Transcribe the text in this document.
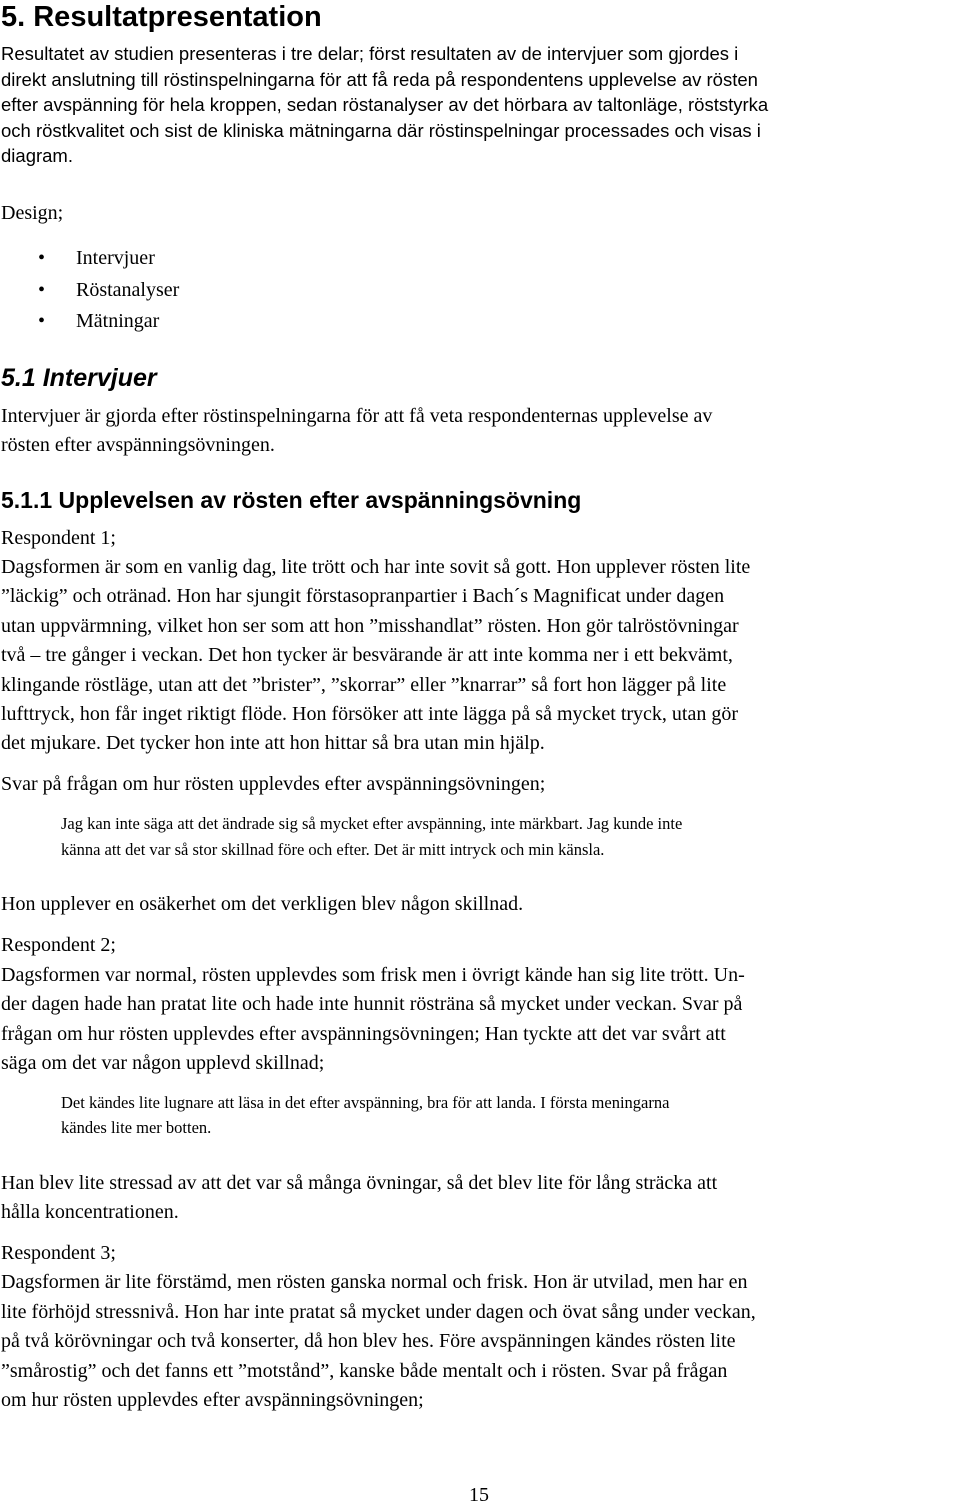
5. Resultatpresentation
Resultatet av studien presenteras i tre delar; först resultaten av de intervjuer som gjordes i
direkt anslutning till röstinspelningarna för att få reda på respondentens upplevelse av rösten
efter avspänning för hela kroppen, sedan röstanalyser av det hörbara av taltonläge, röststyrka
och röstkvalitet och sist de kliniska mätningarna där röstinspelningar processades och visas i
diagram.
Design;
• Intervjuer
• Röstanalyser
• Mätningar
5.1 Intervjuer
Intervjuer är gjorda efter röstinspelningarna för att få veta respondenternas upplevelse av
rösten efter avspänningsövningen.
5.1.1 Upplevelsen av rösten efter avspänningsövning
Respondent 1;
Dagsformen är som en vanlig dag, lite trött och har inte sovit så gott. Hon upplever rösten lite
”läckig” och otränad. Hon har sjungit förstasopranpartier i Bach´s Magnificat under dagen
utan uppvärmning, vilket hon ser som att hon ”misshandlat” rösten. Hon gör talröstövningar
två – tre gånger i veckan. Det hon tycker är besvärande är att inte komma ner i ett bekvämt,
klingande röstläge, utan att det ”brister”, ”skorrar” eller ”knarrar” så fort hon lägger på lite
lufttryck, hon får inget riktigt flöde. Hon försöker att inte lägga på så mycket tryck, utan gör
det mjukare. Det tycker hon inte att hon hittar så bra utan min hjälp.
Svar på frågan om hur rösten upplevdes efter avspänningsövningen;
Jag kan inte säga att det ändrade sig så mycket efter avspänning, inte märkbart. Jag kunde inte
känna att det var så stor skillnad före och efter. Det är mitt intryck och min känsla.
Hon upplever en osäkerhet om det verkligen blev någon skillnad.
Respondent 2;
Dagsformen var normal, rösten upplevdes som frisk men i övrigt kände han sig lite trött. Un-
der dagen hade han pratat lite och hade inte hunnit rösträna så mycket under veckan. Svar på
frågan om hur rösten upplevdes efter avspänningsövningen; Han tyckte att det var svårt att
säga om det var någon upplevd skillnad;
Det kändes lite lugnare att läsa in det efter avspänning, bra för att landa. I första meningarna
kändes lite mer botten.
Han blev lite stressad av att det var så många övningar, så det blev lite för lång sträcka att
hålla koncentrationen.
Respondent 3;
Dagsformen är lite förstämd, men rösten ganska normal och frisk. Hon är utvilad, men har en
lite förhöjd stressnivå. Hon har inte pratat så mycket under dagen och övat sång under veckan,
på två körövningar och två konserter, då hon blev hes. Före avspänningen kändes rösten lite
”smårostig” och det fanns ett ”motstånd”, kanske både mentalt och i rösten. Svar på frågan
om hur rösten upplevdes efter avspänningsövningen;
15
